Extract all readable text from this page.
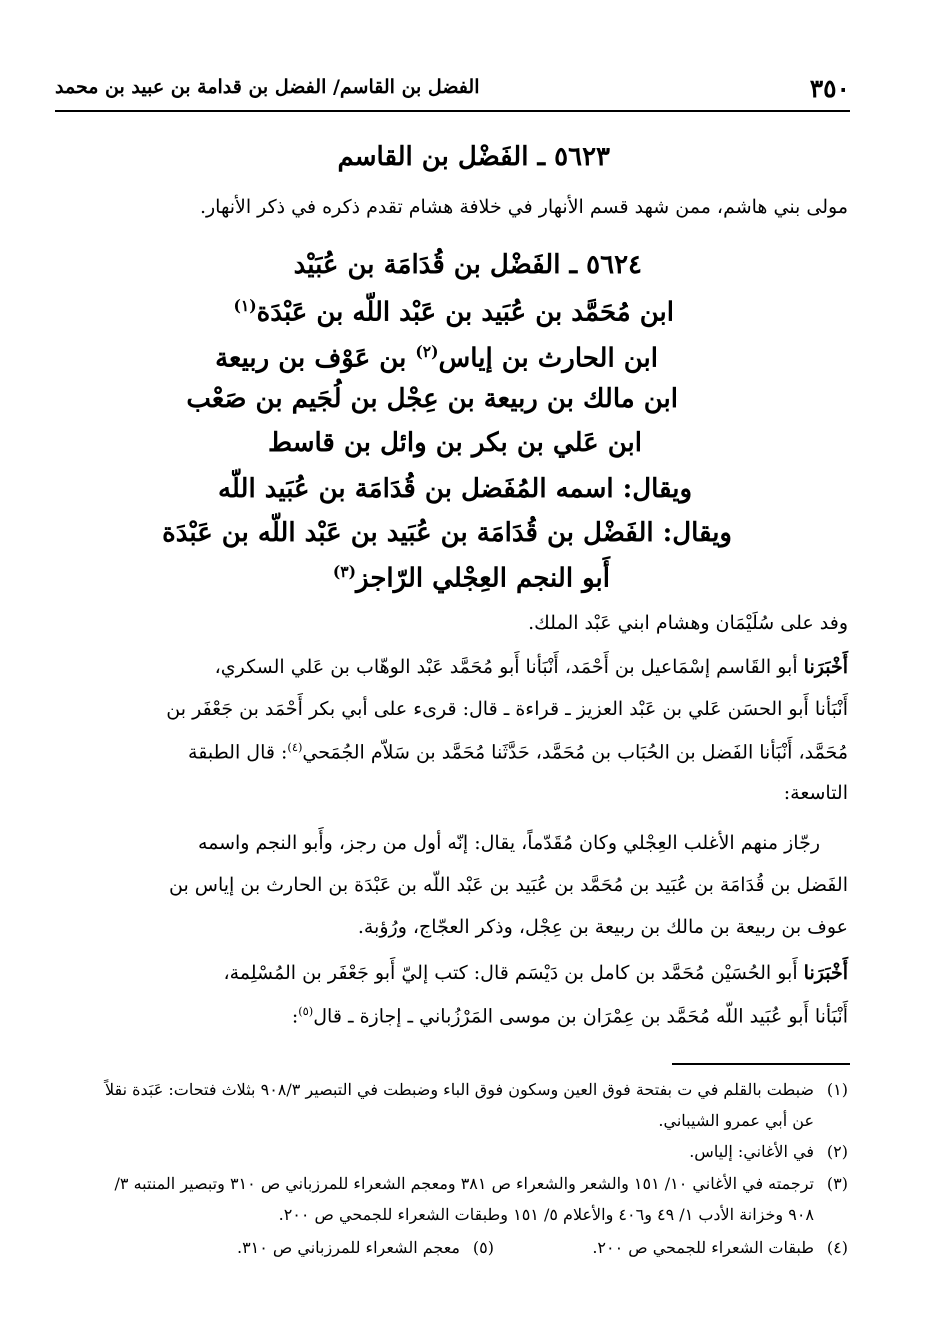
٣٥٠
الفضل بن القاسم/ الفضل بن قدامة بن عبيد بن محمد
٥٦٢٣ ـ الفَضْل بن القاسم
مولى بني هاشم، ممن شهد قسم الأنهار في خلافة هشام تقدم ذكره في ذكر الأنهار.
٥٦٢٤ ـ الفَضْل بن قُدَامَة بن عُبَيْد
ابن مُحَمَّد بن عُبَيد بن عَبْد اللّه بن عَبْدَة$^{(١)}$
ابن الحارث بن إياس$^{(٢)}$ بن عَوْف بن ربيعة
ابن مالك بن ربيعة بن عِجْل بن لُجَيم بن صَعْب
ابن عَلي بن بكر بن وائل بن قاسط
ويقال: اسمه المُفَضل بن قُدَامَة بن عُبَيد اللّه
ويقال: الفَضْل بن قُدَامَة بن عُبَيد بن عَبْد اللّه بن عَبْدَة
أَبو النجم العِجْلي الرّاجز$^{(٣)}$
وفد على سُلَيْمَان وهشام ابني عَبْد الملك.
أَخْبَرَنا أبو القَاسم إسْمَاعيل بن أَحْمَد، أَنْبَأنا أَبو مُحَمَّد عَبْد الوهّاب بن عَلي السكري،
أَنْبَأنا أَبو الحسَن عَلي بن عَبْد العزيز ـ قراءة ـ قال: قرىء على أبي بكر أَحْمَد بن جَعْفَر بن
مُحَمَّد، أَنْبَأنا الفَضل بن الحُبَاب بن مُحَمَّد، حَدَّثَنا مُحَمَّد بن سَلاّم الجُمَحي$^{(٤)}$: قال الطبقة
التاسعة:
رجّاز منهم الأغلب العِجْلي وكان مُقَدّماً، يقال: إنّه أول من رجز، وأَبو النجم واسمه
الفَضل بن قُدَامَة بن عُبَيد بن مُحَمَّد بن عُبَيد بن عَبْد اللّه بن عَبْدَة بن الحارث بن إياس بن
عوف بن ربيعة بن مالك بن ربيعة بن عِجْل، وذكر العجّاج، ورُؤبة.
أَخْبَرَنا أَبو الحُسَيْن مُحَمَّد بن كامل بن دَيْسَم قال: كتب إليّ أَبو جَعْفَر بن المُسْلِمة،
أَنْبَأنا أَبو عُبَيد اللّه مُحَمَّد بن عِمْرَان بن موسى المَرْزُباني ـ إجازة ـ قال$^{(٥)}$:
(١)ضبطت بالقلم في ت بفتحة فوق العين وسكون فوق الباء وضبطت في التبصير ٩٠٨/٣ بثلاث فتحات: عَبَدة نقلاً
عن أبي عمرو الشيباني.
(٢)في الأغاني: إلياس.
(٣)ترجمته في الأغاني ١٠/ ١٥١ والشعر والشعراء ص ٣٨١ ومعجم الشعراء للمرزباني ص ٣١٠ وتبصير المنتبه ٣/
٩٠٨ وخزانة الأدب ١/ ٤٩ و٤٠٦ والأعلام ٥/ ١٥١ وطبقات الشعراء للجمحي ص ٢٠٠.
(٤)طبقات الشعراء للجمحي ص ٢٠٠.
(٥)معجم الشعراء للمرزباني ص ٣١٠.
